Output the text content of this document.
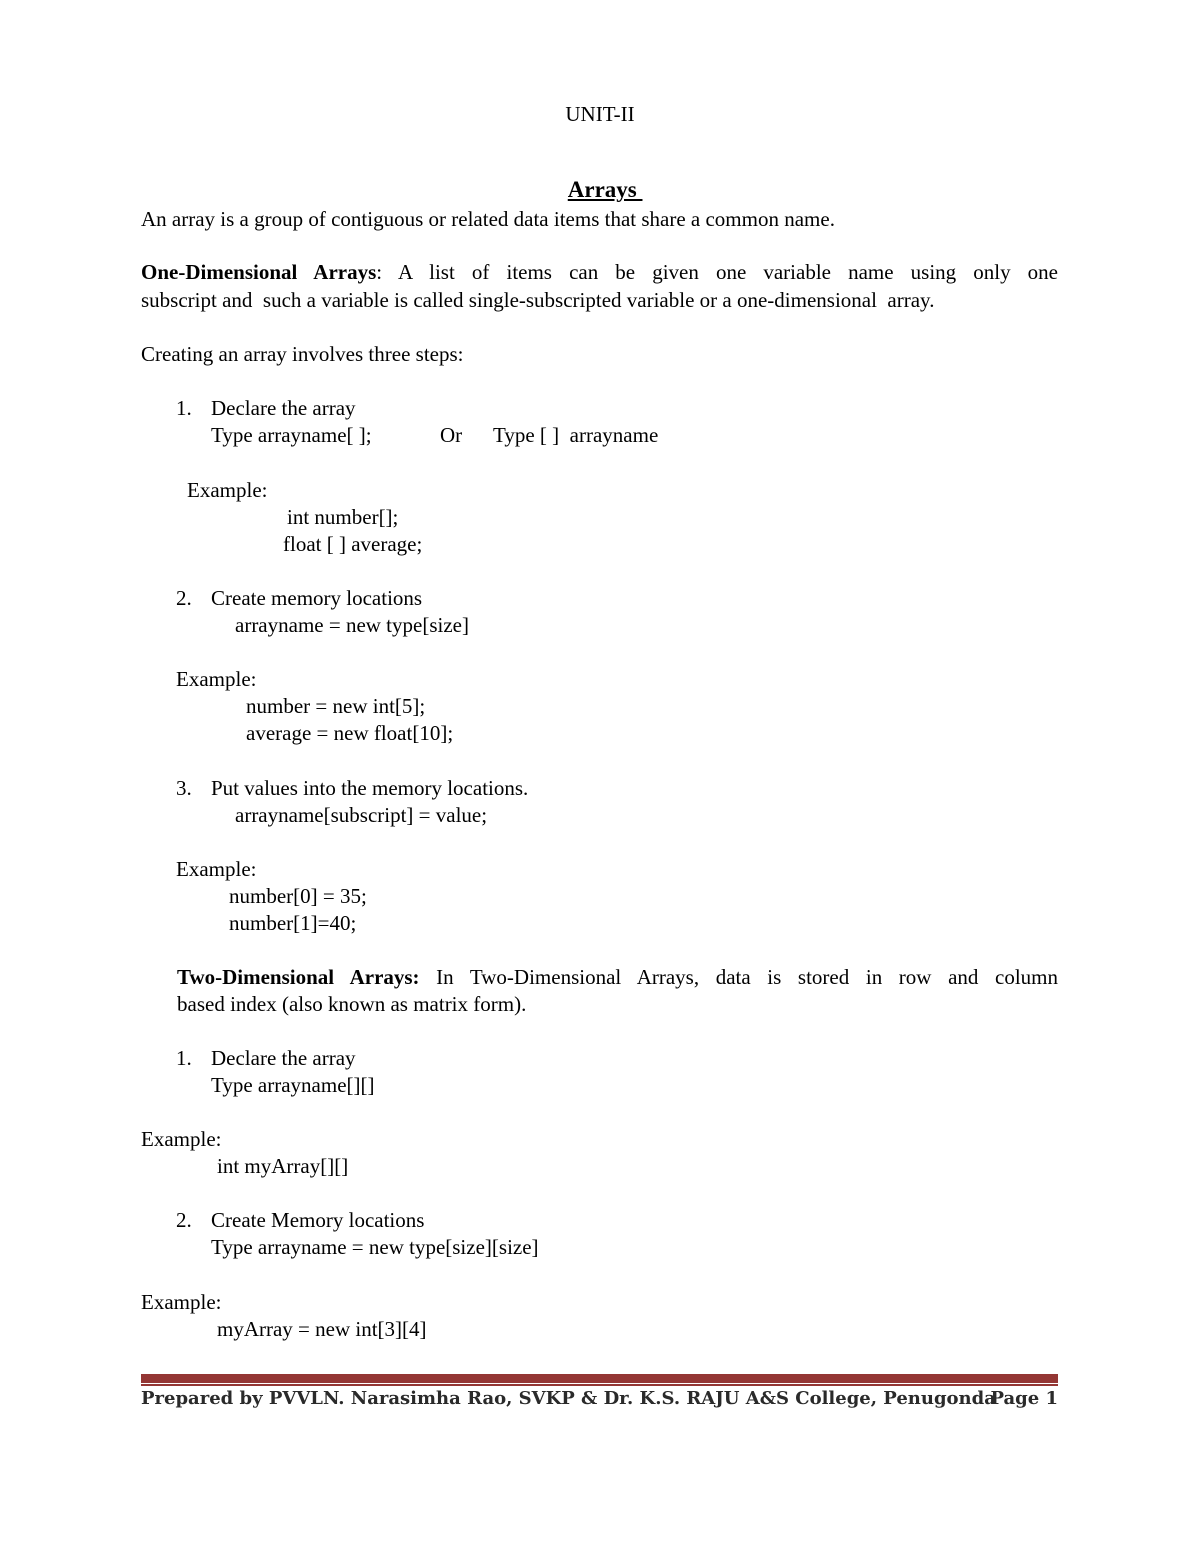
UNIT-II

Arrays

An array is a group of contiguous or related data items that share a common name.
One-Dimensional Arrays: A list of items can be given one variable name using only one
subscript and  such a variable is called single-subscripted variable or a one-dimensional  array.
Creating an array involves three steps:
1. Declare the array
Type arrayname[ ];	Or Type [ ]  arrayname
Example:
int number[];
float [ ] average;
2. Create memory locations
arrayname = new type[size]
Example:
number = new int[5];
average = new float[10];
3. Put values into the memory locations.
arrayname[subscript] = value;
Example:
number[0] = 35;
number[1]=40;
Two-Dimensional Arrays: In Two-Dimensional Arrays, data is stored in row and column
based index (also known as matrix form).
1. Declare the array
Type arrayname[][]
Example:
int myArray[][]
2. Create Memory locations
Type arrayname = new type[size][size]
Example:
myArray = new int[3][4]
Prepared by PVVLN. Narasimha Rao, SVKP & Dr. K.S. RAJU A&S College, Penugonda
Page 1
